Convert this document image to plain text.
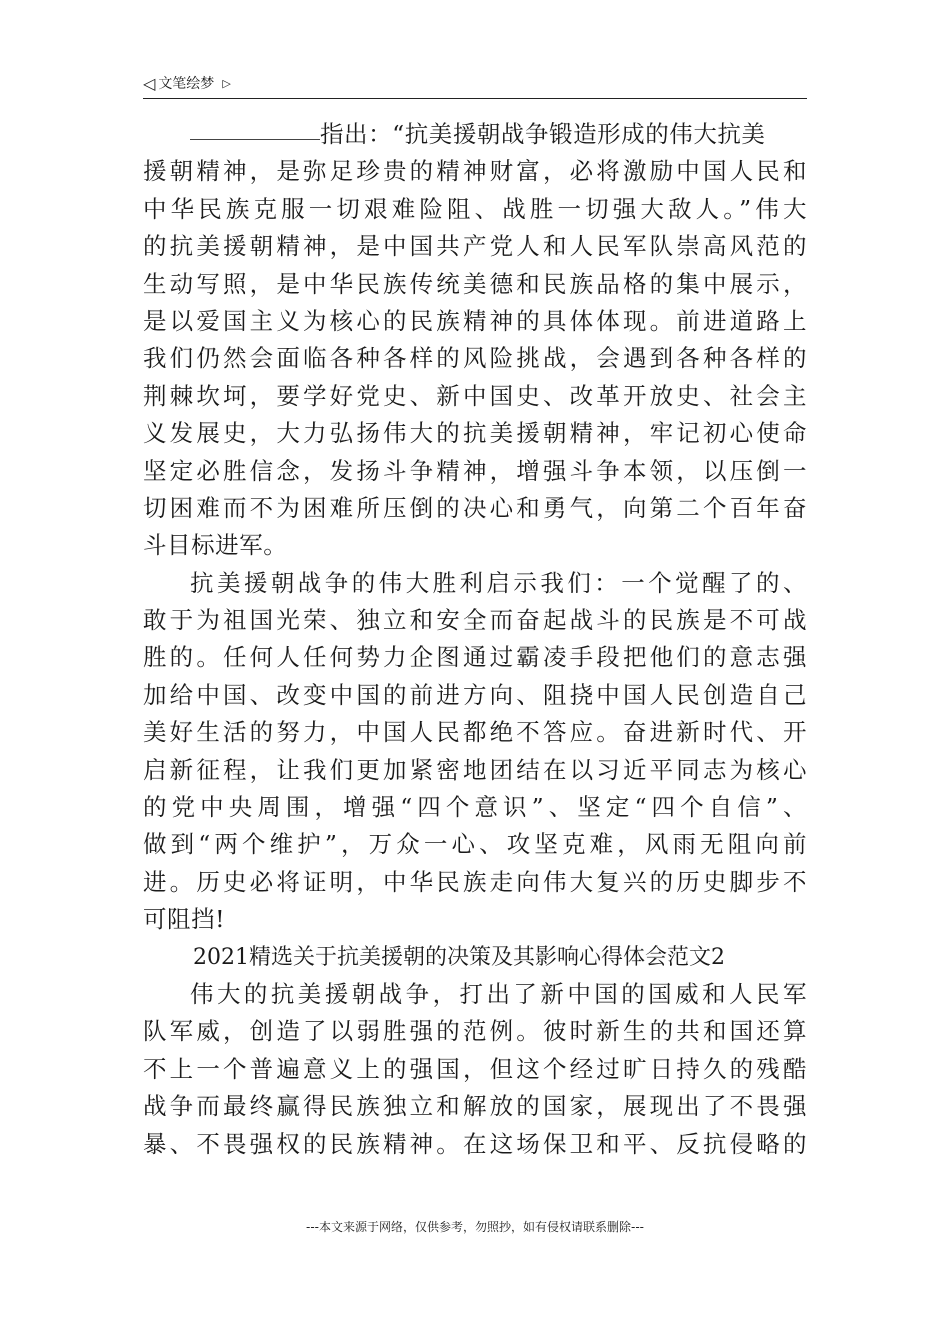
◁ 文笔绘梦 ▷
指出：“抗美援朝战争锻造形成的伟大抗美
援朝精神，是弥足珍贵的精神财富，必将激励中国人民和
中华民族克服一切艰难险阻、战胜一切强大敌人。”伟大
的抗美援朝精神，是中国共产党人和人民军队崇高风范的
生动写照，是中华民族传统美德和民族品格的集中展示，
是以爱国主义为核心的民族精神的具体体现。前进道路上
我们仍然会面临各种各样的风险挑战，会遇到各种各样的
荆棘坎坷，要学好党史、新中国史、改革开放史、社会主
义发展史，大力弘扬伟大的抗美援朝精神，牢记初心使命
坚定必胜信念，发扬斗争精神，增强斗争本领，以压倒一
切困难而不为困难所压倒的决心和勇气，向第二个百年奋
斗目标进军。
抗美援朝战争的伟大胜利启示我们：一个觉醒了的、
敢于为祖国光荣、独立和安全而奋起战斗的民族是不可战
胜的。任何人任何势力企图通过霸凌手段把他们的意志强
加给中国、改变中国的前进方向、阻挠中国人民创造自己
美好生活的努力，中国人民都绝不答应。奋进新时代、开
启新征程，让我们更加紧密地团结在以习近平同志为核心
的党中央周围，增强“四个意识”、坚定“四个自信”、
做到“两个维护”，万众一心、攻坚克难，风雨无阻向前
进。历史必将证明，中华民族走向伟大复兴的历史脚步不
可阻挡!
2021精选关于抗美援朝的决策及其影响心得体会范文2
伟大的抗美援朝战争，打出了新中国的国威和人民军
队军威，创造了以弱胜强的范例。彼时新生的共和国还算
不上一个普遍意义上的强国，但这个经过旷日持久的残酷
战争而最终赢得民族独立和解放的国家，展现出了不畏强
暴、不畏强权的民族精神。在这场保卫和平、反抗侵略的
---本文来源于网络，仅供参考，勿照抄，如有侵权请联系删除---
